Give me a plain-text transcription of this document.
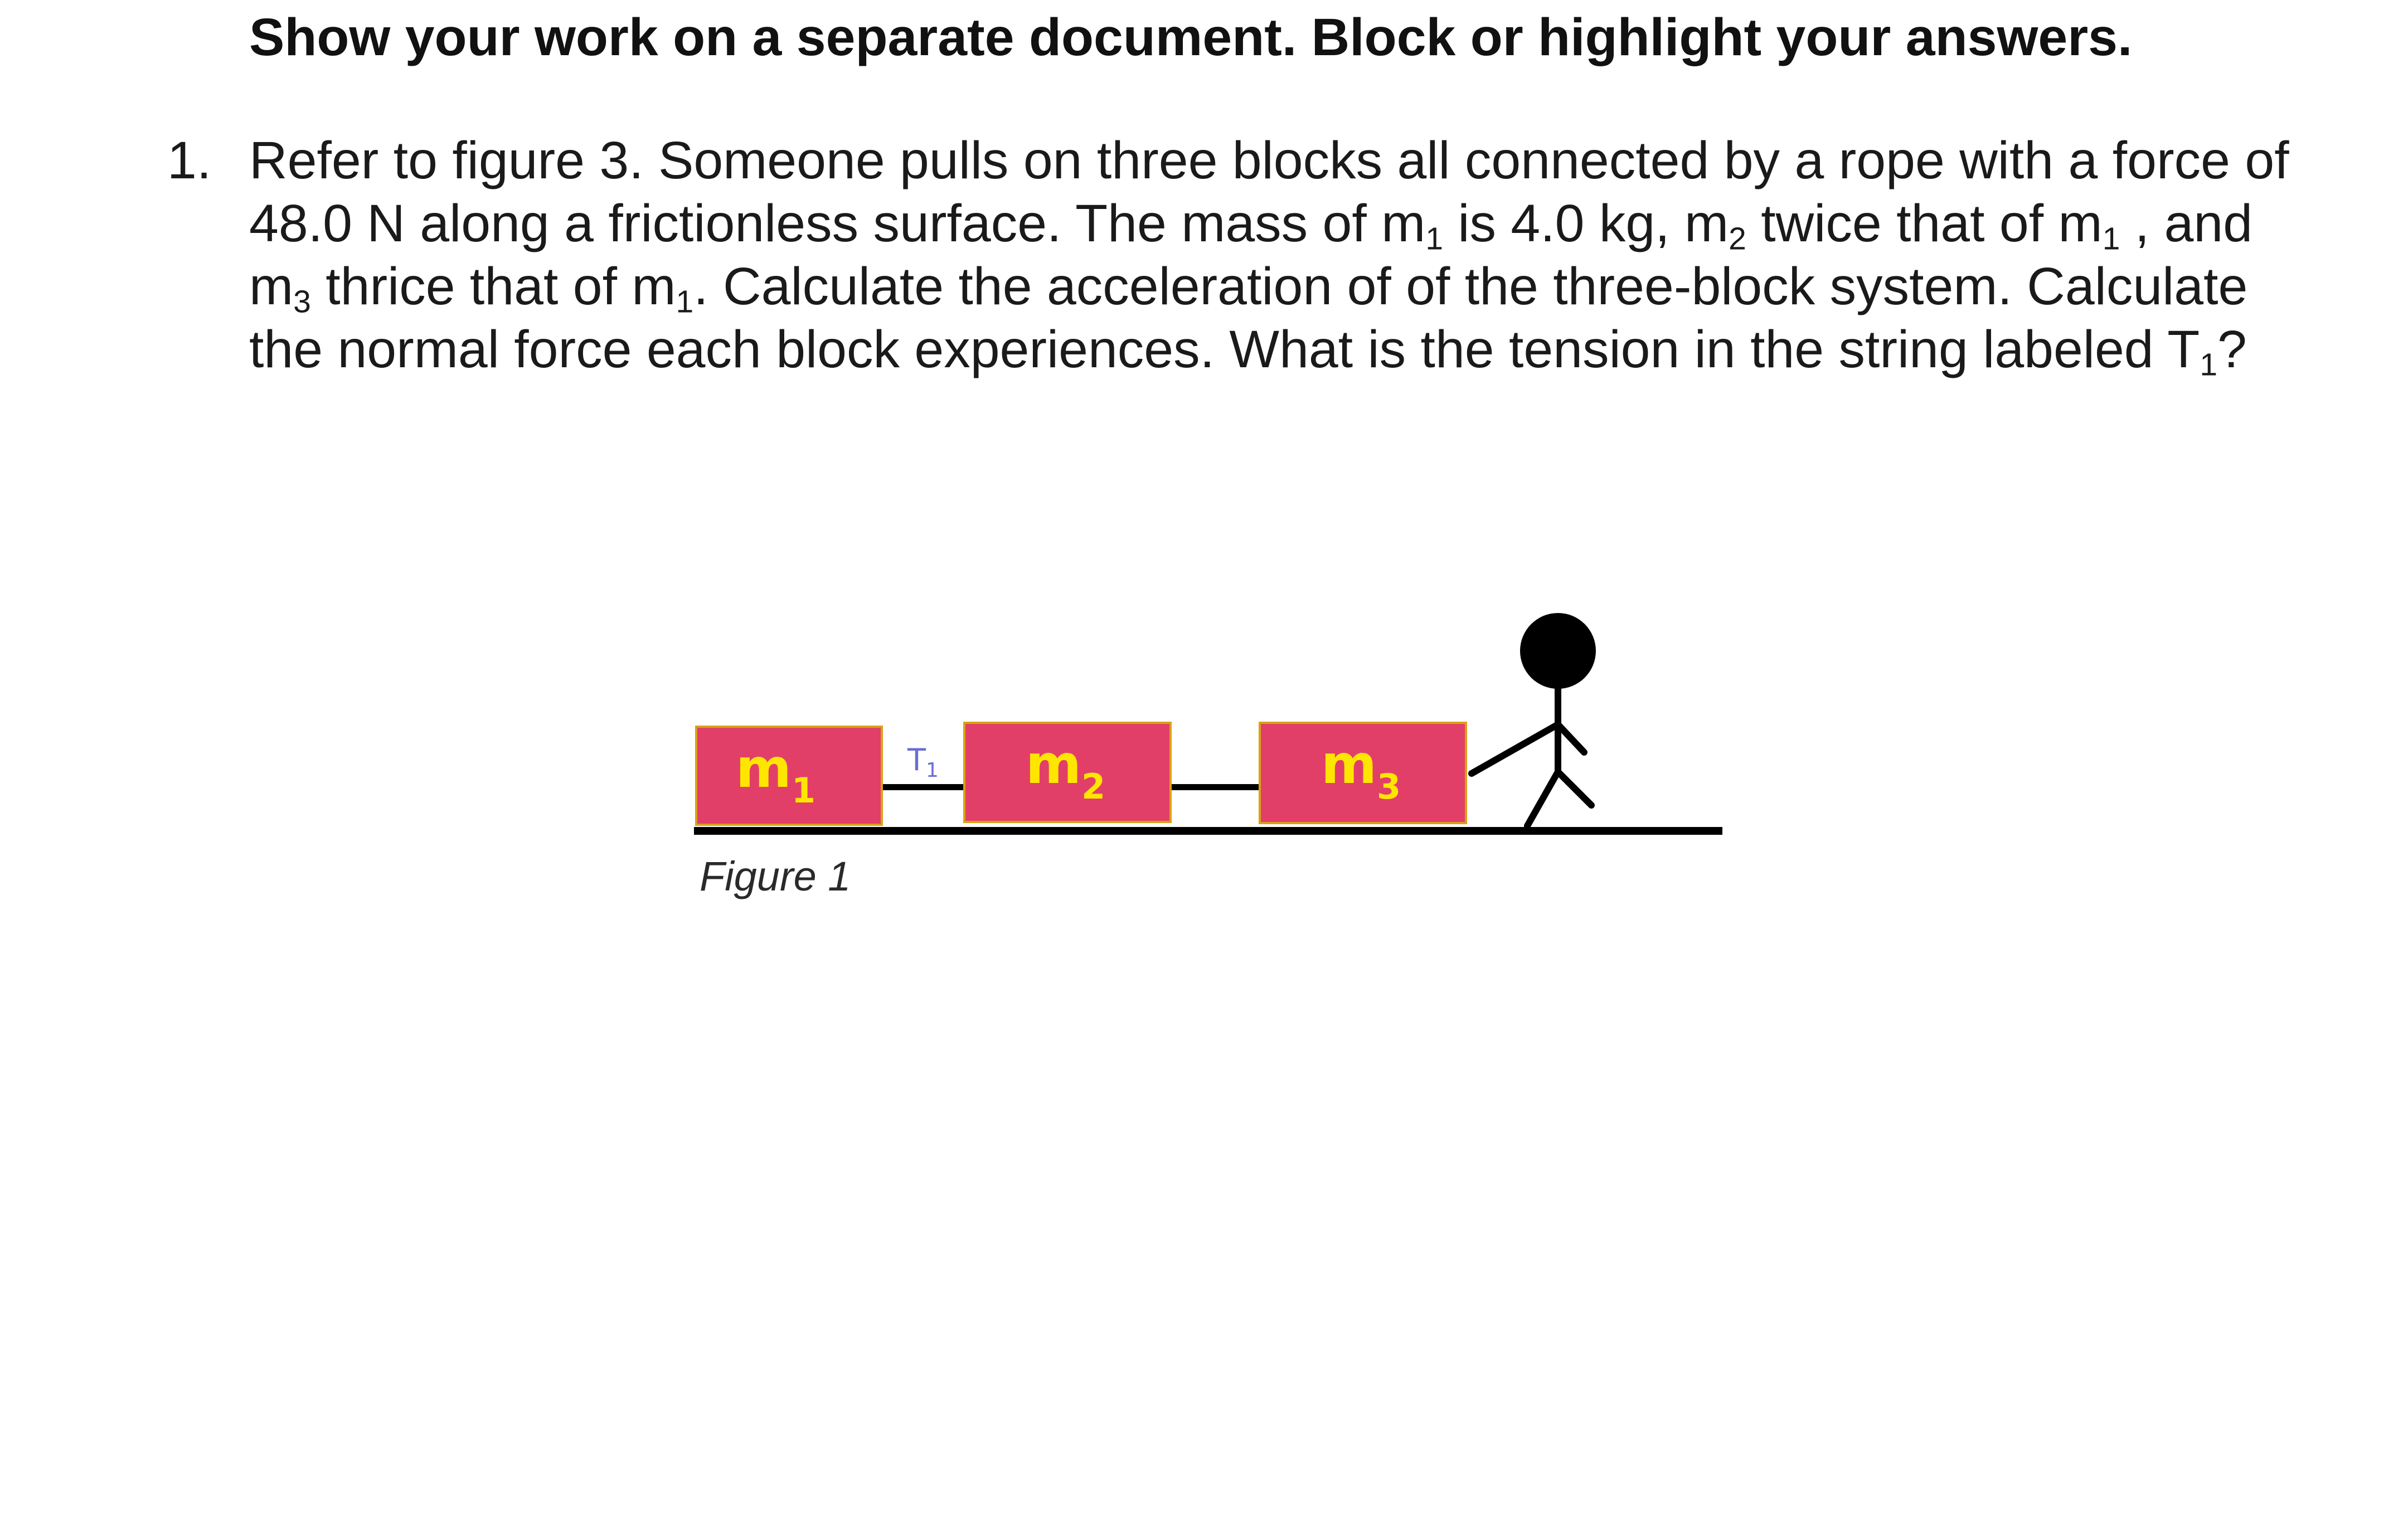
Show your work on a separate document. Block or highlight your answers.
1. Refer to figure 3. Someone pulls on three blocks all connected by a rope with a force of
48.0 N along a frictionless surface. The mass of $m_1$ is 4.0 kg, $m_2$ twice that of $m_1$ , and
$m_3$ thrice that of $m_1$. Calculate the acceleration of of the three-block system. Calculate
the normal force each block experiences. What is the tension in the string labeled $T_1$?
$m_1$	$m_2$	$m_3$
$T_1$
Figure 1
